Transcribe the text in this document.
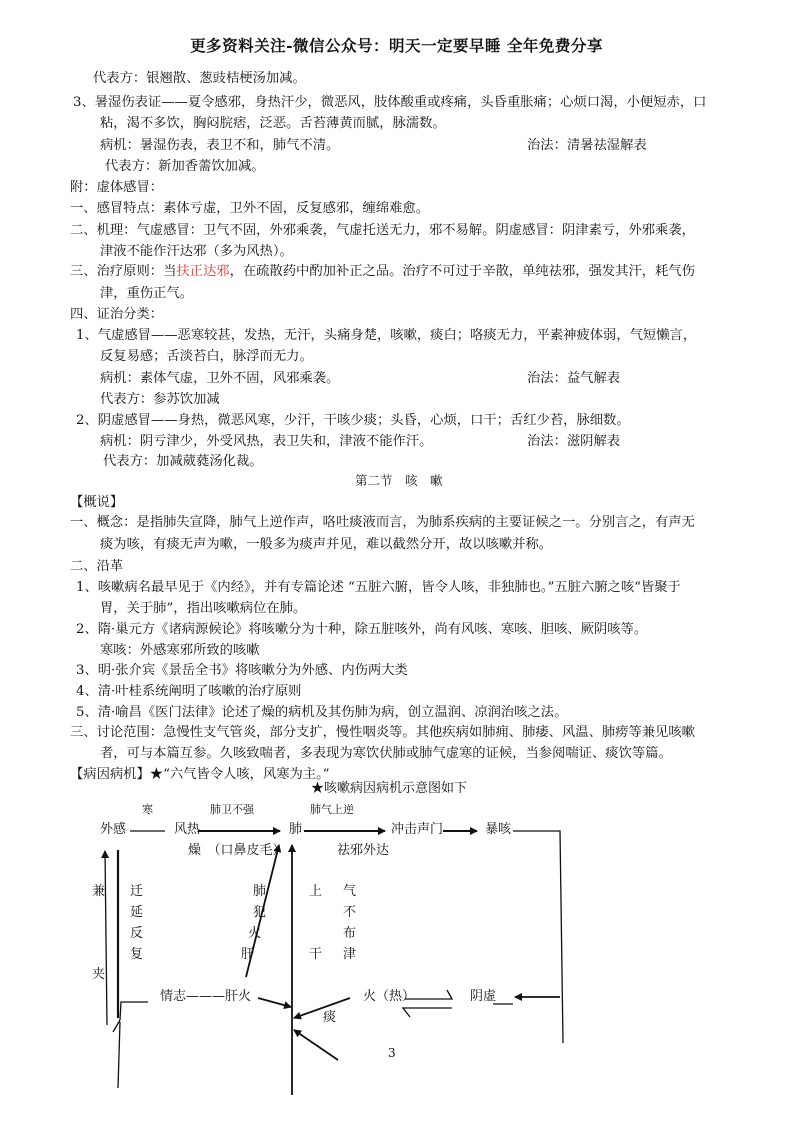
更多资料关注-微信公众号：明天一定要早睡 全年免费分享
代表方：银翘散、葱豉桔梗汤加减。
3、暑湿伤表证——夏令感邪，身热汗少，微恶风，肢体酸重或疼痛，头昏重胀痛；心烦口渴，小便短赤，口
粘，渴不多饮，胸闷脘痞，泛恶。舌苔薄黄而腻，脉濡数。
病机：暑湿伤表，表卫不和，肺气不清。	治法：清暑祛湿解表
代表方：新加香薷饮加减。
附：虚体感冒：
一、感冒特点：素体亏虚，卫外不固，反复感邪，缠绵难愈。
二、机理：气虚感冒：卫气不固，外邪乘袭，气虚托送无力，邪不易解。阴虚感冒：阴津素亏，外邪乘袭，
津液不能作汗达邪（多为风热）。
三、治疗原则：当扶正达邪，在疏散药中酌加补正之品。治疗不可过于辛散，单纯祛邪，强发其汗，耗气伤
津，重伤正气。
四、证治分类：
1、气虚感冒——恶寒较甚，发热，无汗，头痛身楚，咳嗽，痰白；咯痰无力，平素神疲体弱，气短懒言，
反复易感；舌淡苔白，脉浮而无力。
病机：素体气虚，卫外不固，风邪乘袭。	治法：益气解表
代表方：参苏饮加减
2、阴虚感冒——身热，微恶风寒，少汗，干咳少痰；头昏，心烦，口干；舌红少苔，脉细数。
病机：阴亏津少，外受风热，表卫失和，津液不能作汗。	治法：滋阴解表
代表方：加减葳蕤汤化裁。
第二节　咳　嗽
【概说】
一、概念：是指肺失宣降，肺气上逆作声，咯吐痰液而言，为肺系疾病的主要证候之一。分别言之，有声无
痰为咳，有痰无声为嗽，一般多为痰声并见，难以截然分开，故以咳嗽并称。
二、沿革
1、咳嗽病名最早见于《内经》，并有专篇论述 “五脏六腑，皆令人咳，非独肺也。”五脏六腑之咳“皆聚于
胃，关于肺”，指出咳嗽病位在肺。
2、隋·巢元方《诸病源候论》将咳嗽分为十种，除五脏咳外，尚有风咳、寒咳、胆咳、厥阴咳等。
寒咳：外感寒邪所致的咳嗽
3、明·张介宾《景岳全书》将咳嗽分为外感、内伤两大类
4、清·叶桂系统阐明了咳嗽的治疗原则
5、清·喻昌《医门法律》论述了燥的病机及其伤肺为病，创立温润、凉润治咳之法。
三、讨论范围：急慢性支气管炎，部分支扩，慢性咽炎等。其他疾病如肺痈、肺痿、风温、肺痨等兼见咳嗽
者，可与本篇互参。久咳致喘者，多表现为寒饮伏肺或肺气虚寒的证候，当参阅喘证、痰饮等篇。
【病因病机】★“六气皆令人咳，风寒为主。”
★咳嗽病因病机示意图如下
寒	肺卫不强	肺气上逆
外感	风热	肺	冲击声门	暴咳
燥　（口鼻皮毛）	祛邪外达
兼
夹
迁
延
反
复
肺
犯
火
肝
上
干
气
不
布
津
情志———肝火	火（热）
痰
阴虚
3
